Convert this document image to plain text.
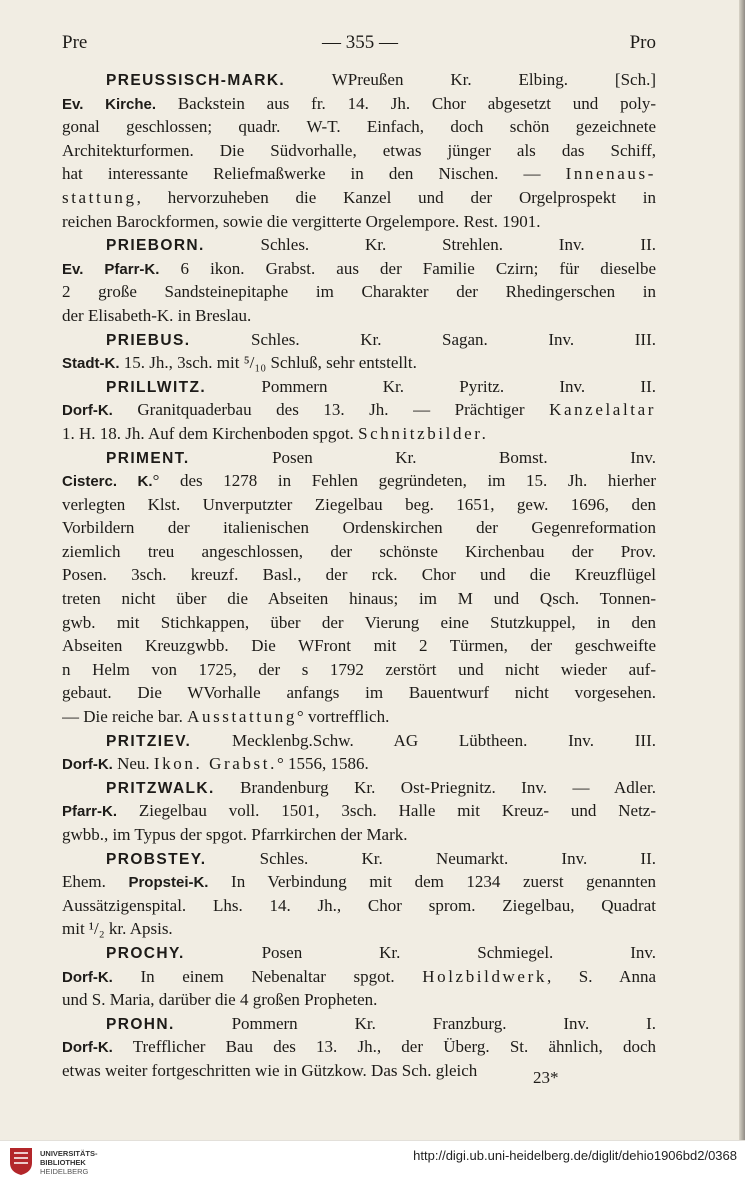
Pre	— 355 —	Pro
PREUSSISCH-MARK. WPreußen Kr. Elbing. [Sch.]
Ev. Kirche. Backstein aus fr. 14. Jh. Chor abgesetzt und poly-
gonal geschlossen; quadr. W-T. Einfach, doch schön gezeichnete
Architekturformen. Die Südvorhalle, etwas jünger als das Schiff,
hat interessante Reliefmaßwerke in den Nischen. — Innenaus-
stattung, hervorzuheben die Kanzel und der Orgelprospekt in
reichen Barockformen, sowie die vergitterte Orgelempore. Rest. 1901.
PRIEBORN. Schles. Kr. Strehlen. Inv. II.
Ev. Pfarr-K. 6 ikon. Grabst. aus der Familie Czirn; für dieselbe
2 große Sandsteinepitaphe im Charakter der Rhedingerschen in
der Elisabeth-K. in Breslau.
PRIEBUS. Schles. Kr. Sagan. Inv. III.
Stadt-K. 15. Jh., 3sch. mit ⁵/₁₀ Schluß, sehr entstellt.
PRILLWITZ. Pommern Kr. Pyritz. Inv. II.
Dorf-K. Granitquaderbau des 13. Jh. — Prächtiger Kanzelaltar
1. H. 18. Jh. Auf dem Kirchenboden spgot. Schnitzbilder.
PRIMENT. Posen Kr. Bomst. Inv.
Cisterc. K.° des 1278 in Fehlen gegründeten, im 15. Jh. hierher
verlegten Klst. Unverputzter Ziegelbau beg. 1651, gew. 1696, den
Vorbildern der italienischen Ordenskirchen der Gegenreformation
ziemlich treu angeschlossen, der schönste Kirchenbau der Prov.
Posen. 3sch. kreuzf. Basl., der rck. Chor und die Kreuzflügel
treten nicht über die Abseiten hinaus; im M und Qsch. Tonnen-
gwb. mit Stichkappen, über der Vierung eine Stutzkuppel, in den
Abseiten Kreuzgwbb. Die WFront mit 2 Türmen, der geschweifte
n Helm von 1725, der s 1792 zerstört und nicht wieder auf-
gebaut. Die WVorhalle anfangs im Bauentwurf nicht vorgesehen.
— Die reiche bar. Ausstattung° vortrefflich.
PRITZIEV. Mecklenbg.Schw. AG Lübtheen. Inv. III.
Dorf-K. Neu. Ikon. Grabst.° 1556, 1586.
PRITZWALK. Brandenburg Kr. Ost-Priegnitz. Inv. — Adler.
Pfarr-K. Ziegelbau voll. 1501, 3sch. Halle mit Kreuz- und Netz-
gwbb., im Typus der spgot. Pfarrkirchen der Mark.
PROBSTEY. Schles. Kr. Neumarkt. Inv. II.
Ehem. Propstei-K. In Verbindung mit dem 1234 zuerst genannten
Aussätzigenspital. Lhs. 14. Jh., Chor sprom. Ziegelbau, Quadrat
mit ¹/₂ kr. Apsis.
PROCHY. Posen Kr. Schmiegel. Inv.
Dorf-K. In einem Nebenaltar spgot. Holzbildwerk, S. Anna
und S. Maria, darüber die 4 großen Propheten.
PROHN. Pommern Kr. Franzburg. Inv. I.
Dorf-K. Trefflicher Bau des 13. Jh., der Überg. St. ähnlich, doch
etwas weiter fortgeschritten wie in Gützkow. Das Sch. gleich	23*
UNIVERSITÄTS-
BIBLIOTHEK
HEIDELBERG
http://digi.ub.uni-heidelberg.de/diglit/dehio1906bd2/0368
